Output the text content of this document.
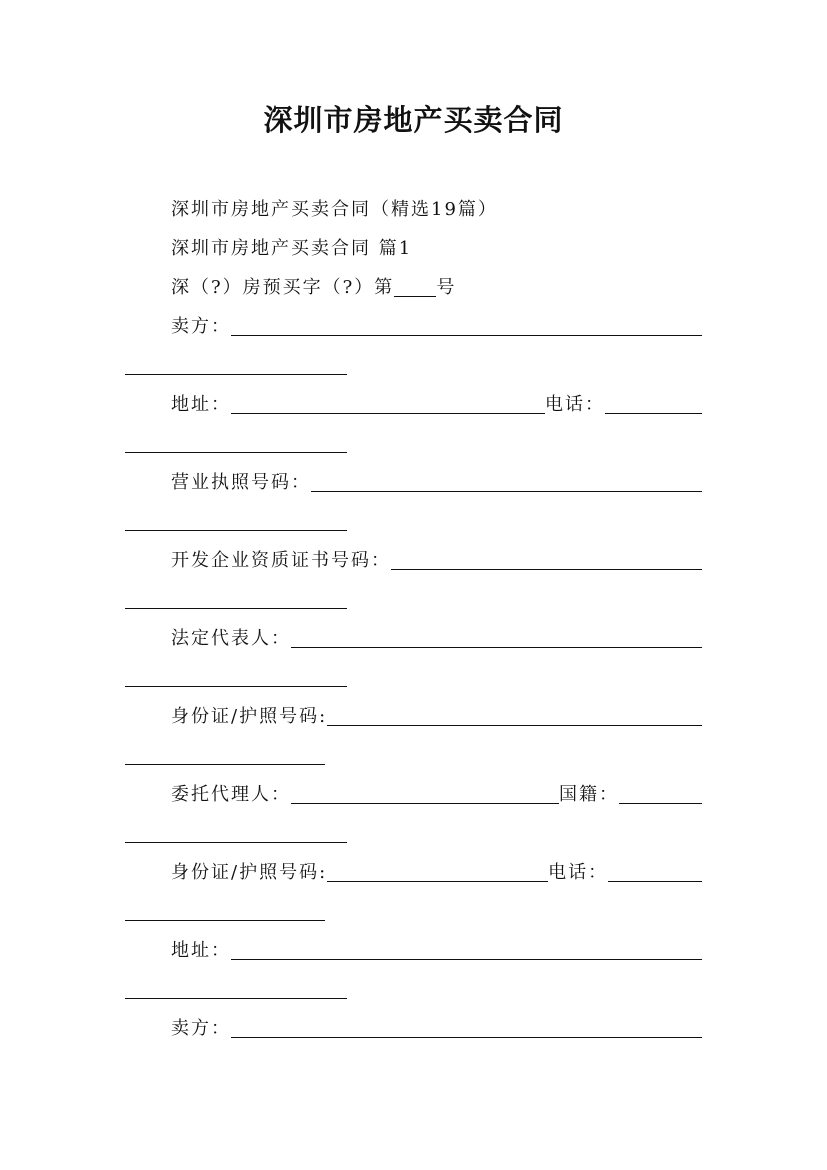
深圳市房地产买卖合同
深圳市房地产买卖合同（精选19篇）
深圳市房地产买卖合同 篇1
深（?）房预买字（?）第 号
卖方：
地址：	电话：
营业执照号码：
开发企业资质证书号码：
法定代表人：
身份证/护照号码:
委托代理人：	国籍：
身份证/护照号码:	电话：
地址：
卖方：
